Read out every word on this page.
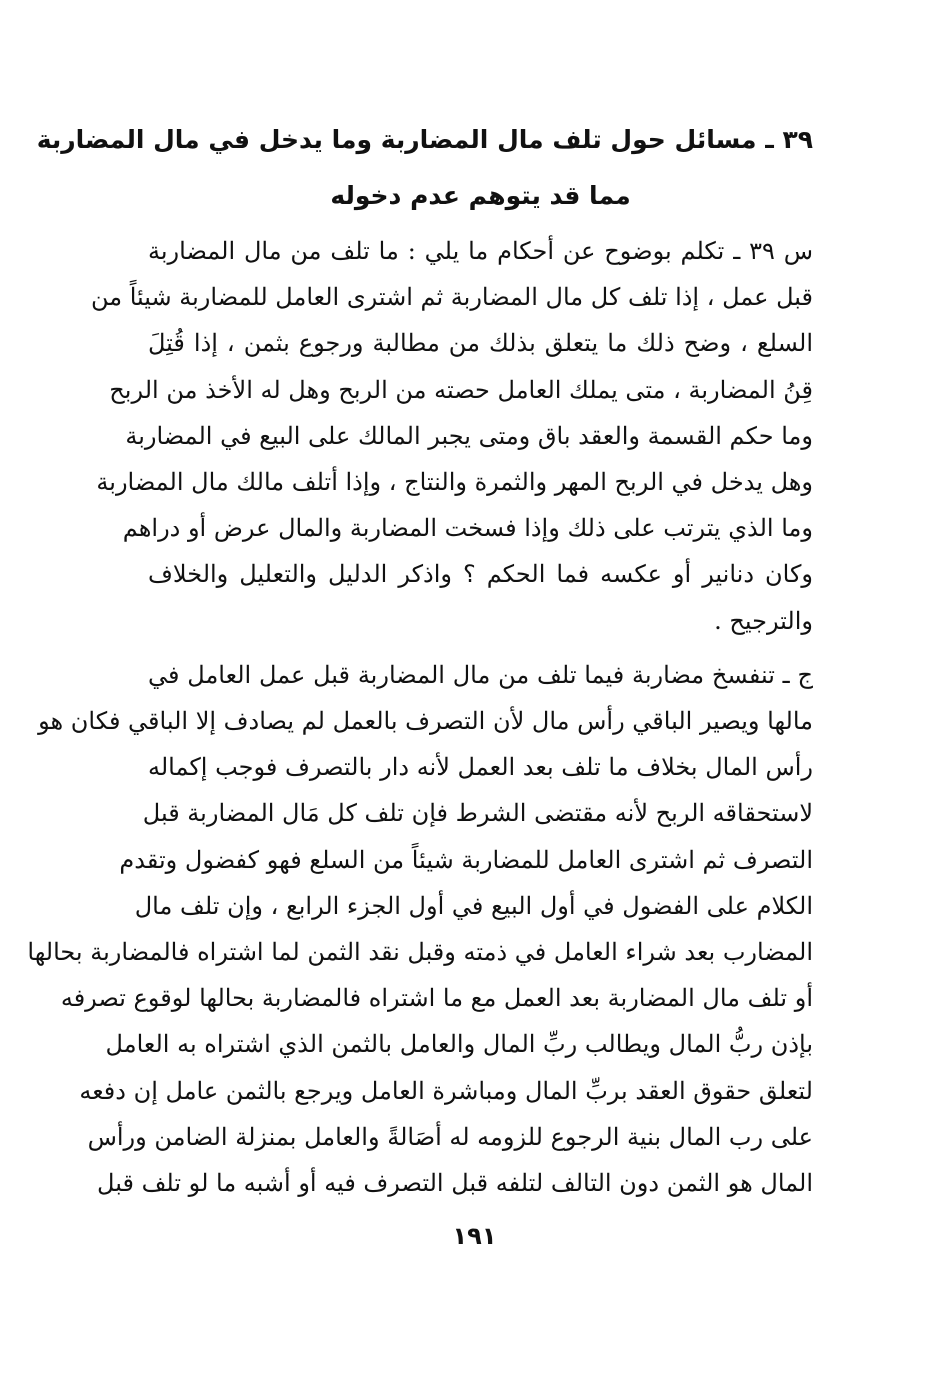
٣٩ ـ مسائل حول تلف مال المضاربة وما يدخل في مال المضاربة
مما قد يتوهم عدم دخوله
س ٣٩ ـ تكلم بوضوح عن أحكام ما يلي : ما تلف من مال المضاربة
قبل عمل ، إذا تلف كل مال المضاربة ثم اشترى العامل للمضاربة شيئاً من
السلع ، وضح ذلك ما يتعلق بذلك من مطالبة ورجوع بثمن ، إذا قُتِلَ
قِنُ المضاربة ، متى يملك العامل حصته من الربح وهل له الأخذ من الربح
وما حكم القسمة والعقد باق ومتى يجبر المالك على البيع في المضاربة
وهل يدخل في الربح المهر والثمرة والنتاج ، وإذا أتلف مالك مال المضاربة
وما الذي يترتب على ذلك وإذا فسخت المضاربة والمال عرض أو دراهم
وكان دنانير أو عكسه فما الحكم ؟ واذكر الدليل والتعليل والخلاف
والترجيح .
ج ـ تنفسخ مضاربة فيما تلف من مال المضاربة قبل عمل العامل في
مالها ويصير الباقي رأس مال لأن التصرف بالعمل لم يصادف إلا الباقي فكان هو
رأس المال بخلاف ما تلف بعد العمل لأنه دار بالتصرف فوجب إكماله
لاستحقاقه الربح لأنه مقتضى الشرط فإن تلف كل مَال المضاربة قبل
التصرف ثم اشترى العامل للمضاربة شيئاً من السلع فهو كفضول وتقدم
الكلام على الفضول في أول البيع في أول الجزء الرابع ، وإن تلف مال
المضارب بعد شراء العامل في ذمته وقبل نقد الثمن لما اشتراه فالمضاربة بحالها
أو تلف مال المضاربة بعد العمل مع ما اشتراه فالمضاربة بحالها لوقوع تصرفه
بإذن ربُّ المال ويطالب ربِّ المال والعامل بالثمن الذي اشتراه به العامل
لتعلق حقوق العقد بربِّ المال ومباشرة العامل ويرجع بالثمن عامل إن دفعه
على رب المال بنية الرجوع للزومه له أصَالةً والعامل بمنزلة الضامن ورأس
المال هو الثمن دون التالف لتلفه قبل التصرف فيه أو أشبه ما لو تلف قبل
١٩١
